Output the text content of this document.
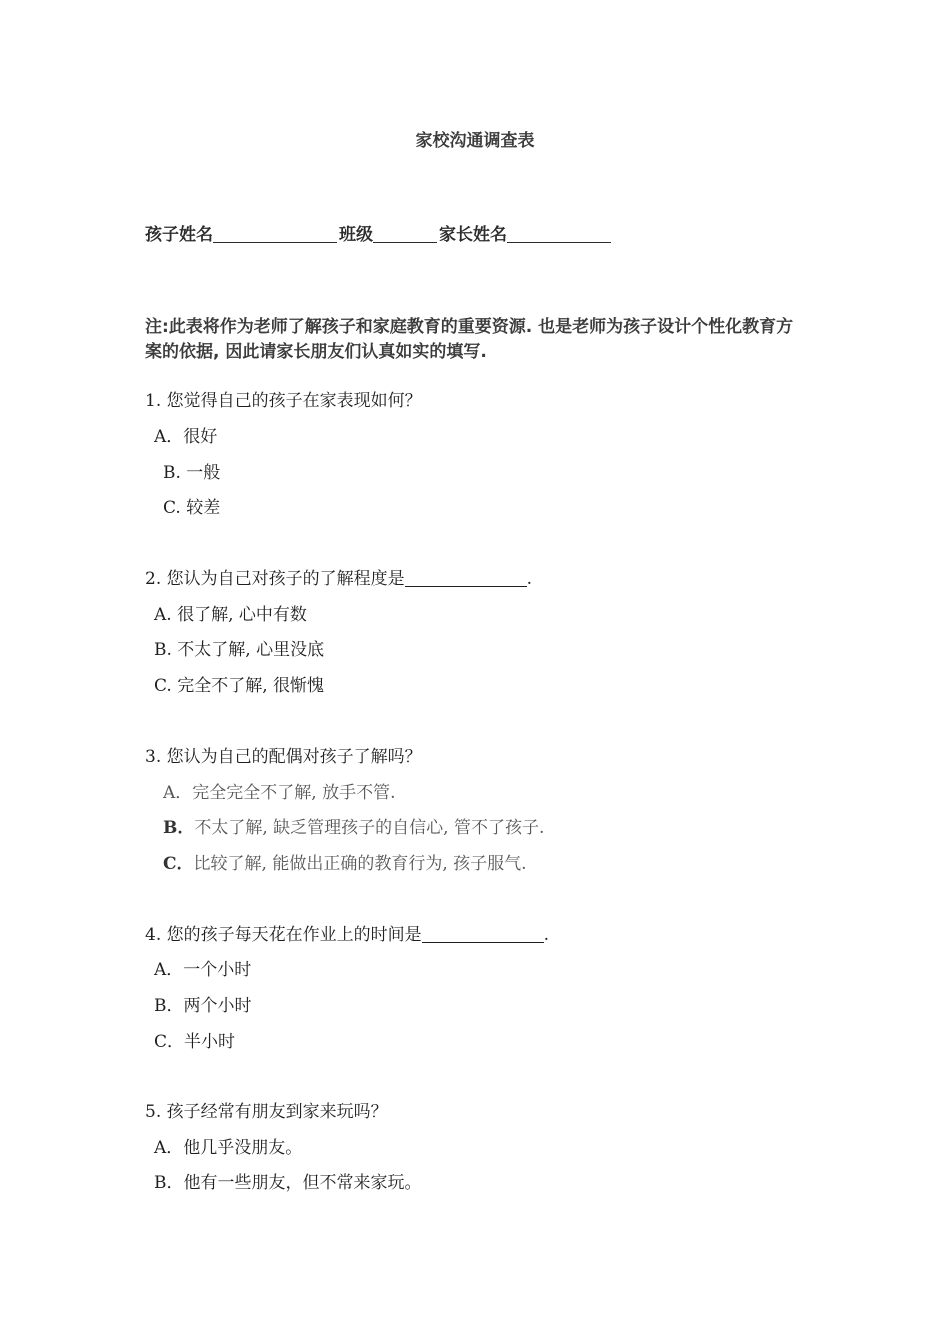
家校沟通调查表
孩子姓名	班级	家长姓名
注:此表将作为老师了解孩子和家庭教育的重要资源. 也是老师为孩子设计个性化教育方案的依据, 因此请家长朋友们认真如实的填写.
1. 您觉得自己的孩子在家表现如何？
A．很好
B. 一般
C. 较差
2. 您认为自己对孩子的了解程度是	.
A. 很了解, 心中有数
B. 不太了解, 心里没底
C. 完全不了解, 很惭愧
3. 您认为自己的配偶对孩子了解吗？
A．完全完全不了解, 放手不管.
B．不太了解, 缺乏管理孩子的自信心, 管不了孩子.
C．比较了解, 能做出正确的教育行为, 孩子服气.
4. 您的孩子每天花在作业上的时间是	.
A．一个小时
B．两个小时
C．半小时
5. 孩子经常有朋友到家来玩吗？
A．他几乎没朋友。
B．他有一些朋友，但不常来家玩。
